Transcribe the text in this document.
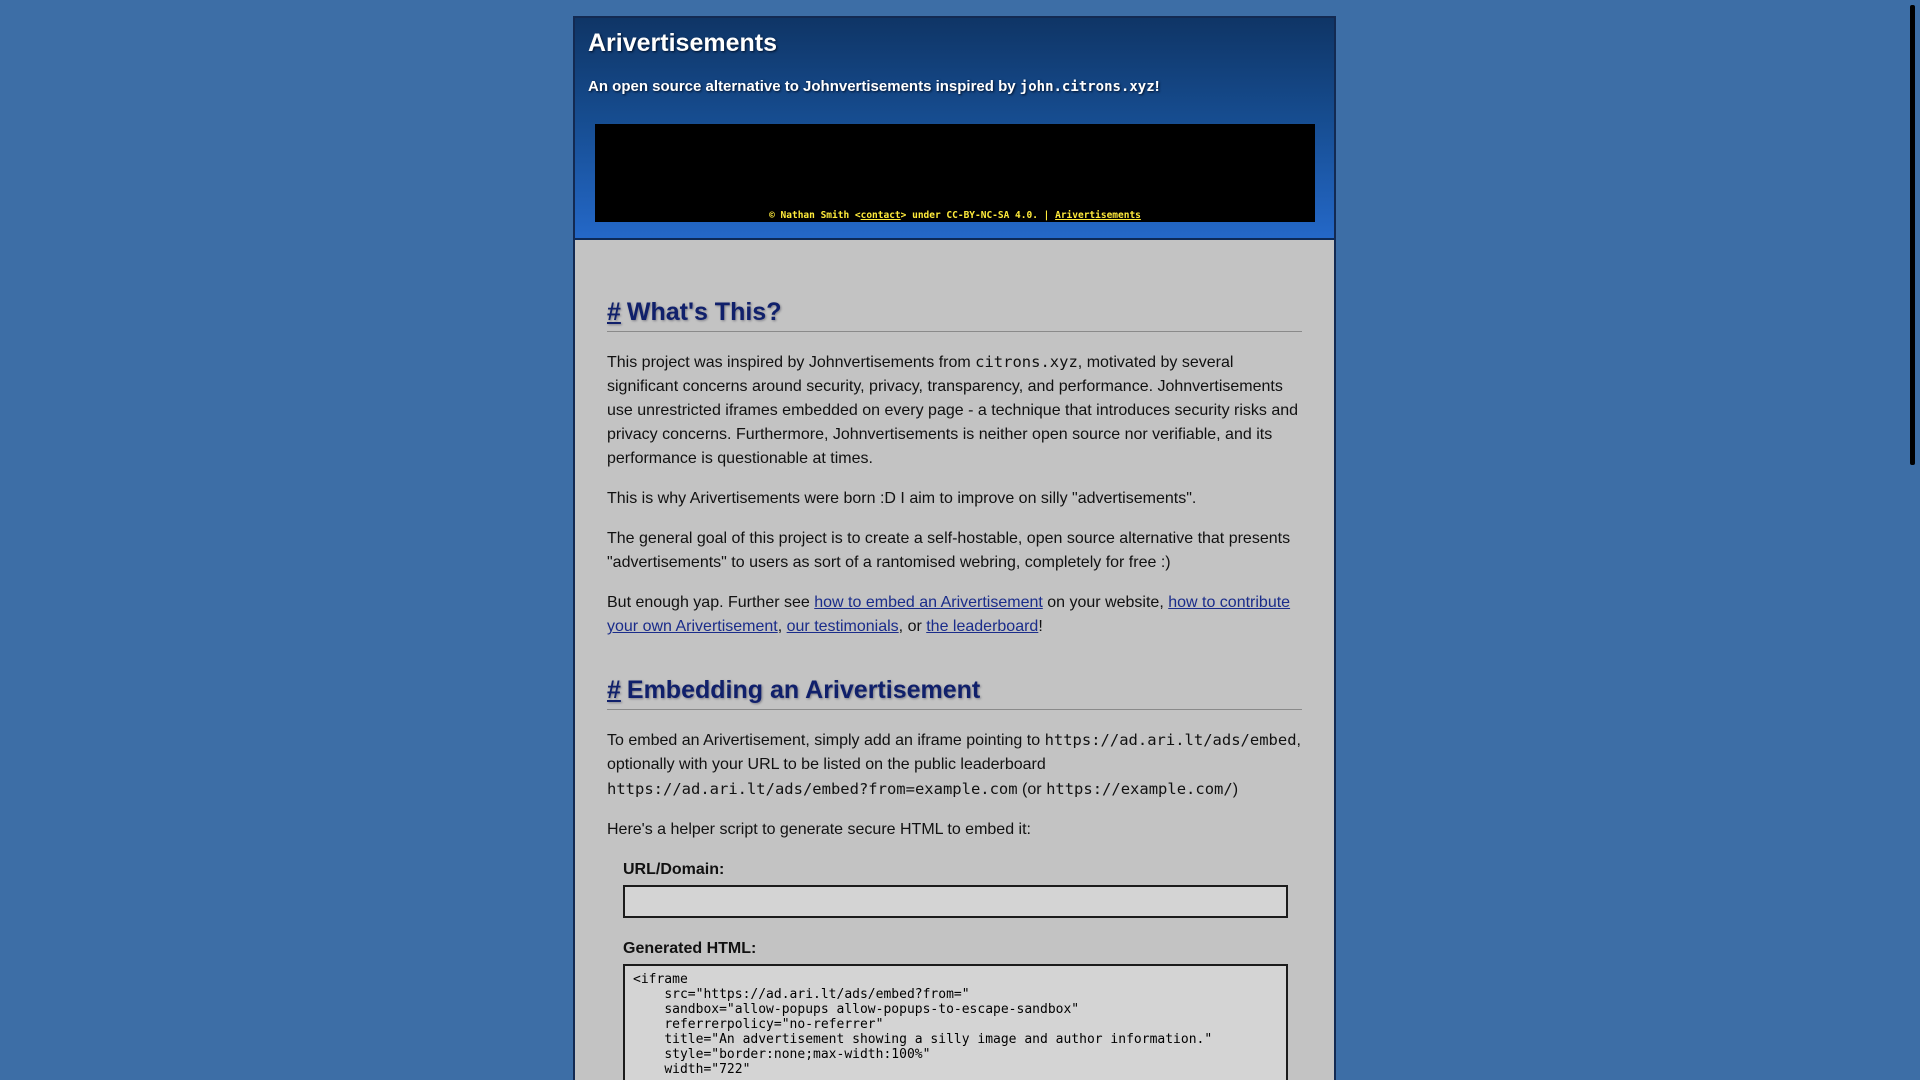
Arivertisements
An open source alternative to Johnvertisements inspired by john.citrons.xyz!
© Nathan Smith <contact> under CC-BY-NC-SA 4.0. | Arivertisements
# What's This?

This project was inspired by Johnvertisements from citrons.xyz, motivated by several significant concerns around security, privacy, transparency, and performance. Johnvertisements use unrestricted iframes embedded on every page - a technique that introduces security risks and privacy concerns. Furthermore, Johnvertisements is neither open source nor verifiable, and its performance is questionable at times.

This is why Arivertisements were born :D I aim to improve on silly "advertisements".

The general goal of this project is to create a self-hostable, open source alternative that presents "advertisements" to users as sort of a rantomised webring, completely for free :)

But enough yap. Further see how to embed an Arivertisement on your website, how to contribute your own Arivertisement, our testimonials, or the leaderboard!

# Embedding an Arivertisement

To embed an Arivertisement, simply add an iframe pointing to https://ad.ari.lt/ads/embed, optionally with your URL to be listed on the public leaderboard https://ad.ari.lt/ads/embed?from=example.com (or https://example.com/)

Here's a helper script to generate secure HTML to embed it:

URL/Domain:
Generated HTML:
<iframe src="https://ad.ari.lt/ads/embed?from=" sandbox="allow-popups allow-popups-to-escape-sandbox" referrerpolicy="no-referrer" title="An advertisement showing a silly image and author information." style="border:none;max-width:100%" width="722"
